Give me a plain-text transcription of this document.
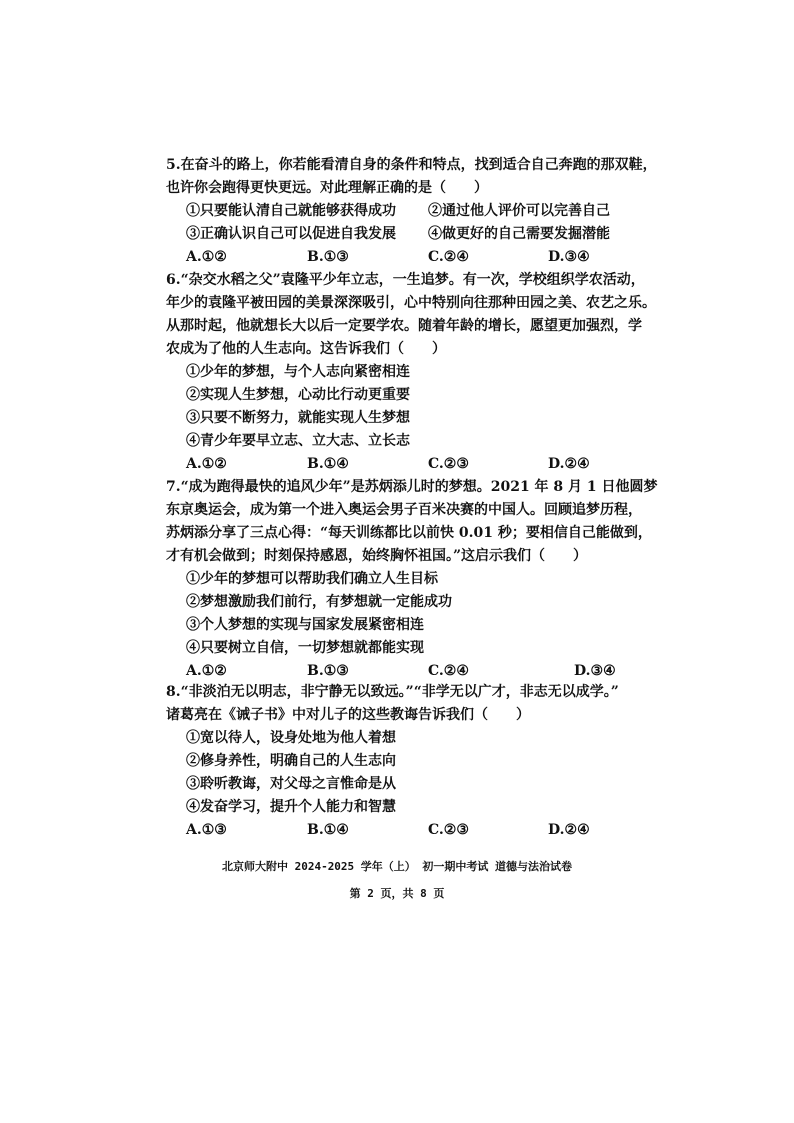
5.在奋斗的路上，你若能看清自身的条件和特点，找到适合自己奔跑的那双鞋，
也许你会跑得更快更远。对此理解正确的是（　　）
①只要能认清自己就能够获得成功	②通过他人评价可以完善自己
③正确认识自己可以促进自我发展	④做更好的自己需要发掘潜能
A.①②	B.①③	C.②④	D.③④
6.“杂交水稻之父”袁隆平少年立志，一生追梦。有一次，学校组织学农活动，
年少的袁隆平被田园的美景深深吸引，心中特别向往那种田园之美、农艺之乐。
从那时起，他就想长大以后一定要学农。随着年龄的增长，愿望更加强烈，学
农成为了他的人生志向。这告诉我们（　　）
①少年的梦想，与个人志向紧密相连
②实现人生梦想，心动比行动更重要
③只要不断努力，就能实现人生梦想
④青少年要早立志、立大志、立长志
A.①②	B.①④	C.②③	D.②④
7.“成为跑得最快的追风少年”是苏炳添儿时的梦想。2021 年 8 月 1 日他圆梦
东京奥运会，成为第一个进入奥运会男子百米决赛的中国人。回顾追梦历程，
苏炳添分享了三点心得：“每天训练都比以前快 0.01 秒；要相信自己能做到，
才有机会做到；时刻保持感恩，始终胸怀祖国。”这启示我们（　　）
①少年的梦想可以帮助我们确立人生目标
②梦想激励我们前行，有梦想就一定能成功
③个人梦想的实现与国家发展紧密相连
④只要树立自信，一切梦想就都能实现
A.①②	B.①③	C.②④	D.③④
8.“非淡泊无以明志，非宁静无以致远。”“非学无以广才，非志无以成学。”
诸葛亮在《诫子书》中对儿子的这些教诲告诉我们（　　）
①宽以待人，设身处地为他人着想
②修身养性，明确自己的人生志向
③聆听教诲，对父母之言惟命是从
④发奋学习，提升个人能力和智慧
A.①③	B.①④	C.②③	D.②④
北京师大附中 2024-2025 学年（上） 初一期中考试 道德与法治试卷
第 2 页，共 8 页
